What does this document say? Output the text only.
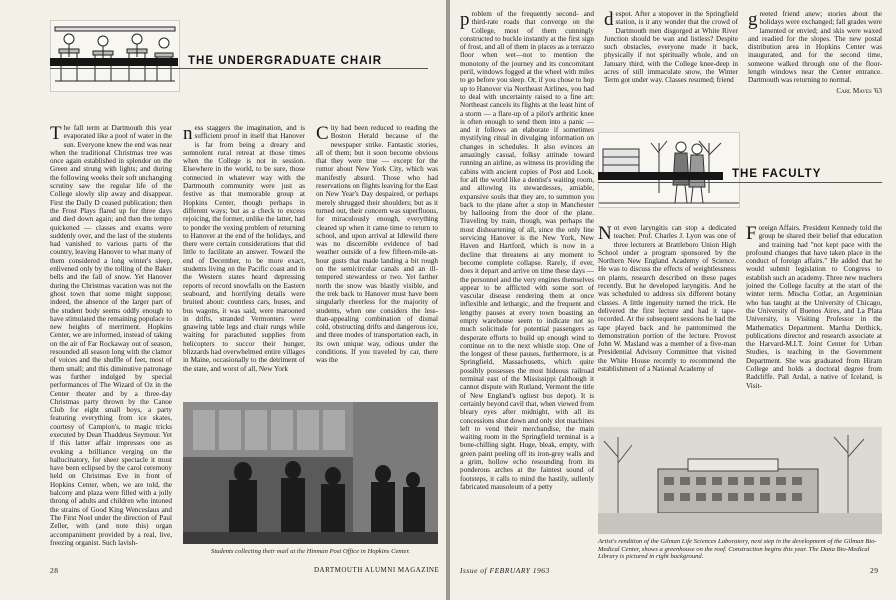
THE UNDERGRADUATE CHAIR

The fall term at Dartmouth this year evaporated like a pool of water in the sun. Everyone knew the end was near when the traditional Christmas tree was once again established in splendor on the Green and strung with lights; and during the following weeks their soft unchanging scrutiny saw the regular life of the College slowly slip away and disappear. First the Daily D ceased publication; then the Frost Plays flared up for three days and died down again; and then the tempo quickened — classes and exams were suddenly over, and the last of the students had vanished to various parts of the country, leaving Hanover to what many of them considered a long winter's sleep, enlivened only by the tolling of the Baker bells and the fall of snow. Yet Hanover during the Christmas vacation was not the ghost town that some might suppose; indeed, the absence of the larger part of the student body seems oddly enough to have stimulated the remaining populace to new heights of merriment. Hopkins Center, we are informed, instead of taking on the air of Far Rockaway out of season, resounded all season long with the clamor of voices and the shuffle of feet, most of them small; and this diminutive patronage was further indulged by special performances of The Wizard of Oz in the Center theater and by a three-day Christmas party thrown by the Canoe Club for eight small boys, a party featuring everything from ice skates, courtesy of Campion's, to magic tricks executed by Dean Thaddeus Seymour. Yet if this latter affair impresses one as evoking a brilliance verging on the hallucinatory, for sheer spectacle it must have been eclipsed by the carol ceremony held on Christmas Eve in front of Hopkins Center, when, we are told, the balcony and plaza were filled with a jolly throng of adults and children who intoned the strains of Good King Wenceslaus and The First Noel under the direction of Paul Zeller, with (and note this) organ accompaniment provided by a real, live, freezing organist. Such lavish-

ness staggers the imagination, and is sufficient proof in itself that Hanover is far from being a dreary and somnolent rural retreat at those times when the College is not in session. Elsewhere in the world, to be sure, those connected in whatever way with the Dartmouth community were just as festive as that memorable group at Hopkins Center, though perhaps in different ways; but as a check to excess rejoicing, the former, unlike the latter, had to ponder the vexing problem of returning to Hanover at the end of the holidays, and there were certain considerations that did little to facilitate an answer. Toward the end of December, to be more exact, students living on the Pacific coast and in the Western states heard depressing reports of record snowfalls on the Eastern seaboard, and horrifying details were bruited about: countless cars, buses, and bus wagons, it was said, were marooned in drifts, stranded Vermonters were gnawing table legs and chair rungs while waiting for parachuted supplies from helicopters to succor their hunger, blizzards had overwhelmed entire villages in Maine, occasionally to the detriment of the state, and worst of all, New York

City had been reduced to reading the Boston Herald because of the newspaper strike. Fantastic stories, all of them; but it soon become obvious that they were true — except for the rumor about New York City, which was manifestly absurd. Those who had reservations on flights leaving for the East on New Year's Day despaired, or perhaps merely shrugged their shoulders; but as it turned out, their concern was superfluous, for miraculously enough, everything cleared up when it came time to return to school, and upon arrival at Idlewild there was no discernible evidence of bad weather outside of a few fifteen-mile-an-hour gusts that made landing a bit rough on the semicircular canals and an ill-tempered stewardess or two. Yet farther north the snow was blastly visible, and the trek back to Hanover must have been singularly cheerless for the majority of students, when one considers the less-than-appealing combination of dismal cold, obstructing drifts and dangerous ice, and three modes of transportation each, in its own unique way, odious under the conditions. If you traveled by car, there was the

Students collecting their mail at the Hinman Post Office in Hopkins Center.
28	DARTMOUTH ALUMNI MAGAZINE

problem of the frequently second- and third-rate roads that converge on the College, most of them cunningly constructed to buckle instantly at the first sign of frost, and all of them in places as a terrazzo floor when wet—not to mention the monotony of the journey and its concomitant peril, windows fogged at the wheel with miles to go before you sleep. Or, if you chose to hop up to Hanover via Northeast Airlines, you had to deal with uncertainty raised to a fine art: Northeast cancels its flights at the least hint of a storm — a flare-up of a pilot's arthritic knee is often enough to send them into a panic — and it follows an elaborate if sometimes mystifying ritual in divulging information on changes in schedules. It also evinces an amazingly casual, folksy attitude toward running an airline, as witness its providing the cabins with ancient copies of Post and Look, for all the world like a dentist's waiting room, and allowing its stewardesses, amiable, expansive souls that they are, to summon you back to the plane after a stop in Manchester by hallooing from the door of the plane. Traveling by train, though, was perhaps the most disheartening of all, since the only line servicing Hanover is the New York, New Haven and Hartford, which is now in a decline that threatens at any moment to become complete collapse. Rarely, if ever, does it depart and arrive on time these days — the personnel and the very engines themselves appear to be afflicted with some sort of vascular disease rendering them at once inflexible and lethargic, and the frequent and lengthy pauses at every town boasting an empty warehouse seem to indicate not so much solicitude for potential passengers as desperate efforts to build up enough wind to continue on to the next whistle stop. One of the longest of these pauses, furthermore, is at Springfield, Massachusetts, which quite possibly possesses the most hideous railroad terminal east of the Mississippi (although it cannot dispute with Rutland, Vermont the title of New England's ugliest bus depot). It is certainly beyond cavil that, when viewed from bleary eyes after midnight, with all its concessions shut down and only slot machines left to vend their merchandise, the main waiting room in the Springfield terminal is a bone-chilling sight. Huge, bleak, empty, with green paint peeling off its iron-grey walls and a grim, hollow echo resounding from its ponderous arches at the faintest sound of footsteps, it calls to mind the hastily, sullenly fabricated mausoleum of a petty

despot. After a stopover in the Springfield station, is it any wonder that the crowd of Dartmouth men disgorged at White River Junction should be wan and listless? Despite such obstacles, everyone made it back, physically if not spiritually whole, and on January third, with the College knee-deep in acres of still immaculate snow, the Winter Term got under way. Classes resumed; friend

greeted friend anew; stories about the holidays were exchanged; fall grades were lamented or envied; and skis were waxed and readied for the slopes. The new postal distribution area in Hopkins Center was inaugurated, and for the second time, someone walked through one of the floor-length windows near the Center entrance. Dartmouth was returning to normal.

Carl Maves '63
THE FACULTY

Not even laryngitis can stop a dedicated teacher. Prof. Charles J. Lyon was one of three lecturers at Brattleboro Union High School under a program sponsored by the Northern New England Academy of Science. He was to discuss the effects of weightlessness on plants, research described on these pages recently. But he developed laryngitis. And he was scheduled to address six different botany classes. A little ingenuity turned the trick. He delivered the first lecture and had it tape-recorded. At the subsequent sessions he had the tape played back and he pantomimed the demonstration portion of the lecture. Provost John W. Masland was a member of a five-man Presidential Advisory Committee that visited the White House recently to recommend the establishment of a National Academy of

Foreign Affairs. President Kennedy told the group he shared their belief that education and training had "not kept pace with the profound changes that have taken place in the conduct of foreign affairs." He added that he would submit legislation to Congress to establish such an academy. Three new teachers joined the College faculty at the start of the winter term. Mischa Cotlar, an Argentinian who has taught at the University of Chicago, the University of Buenos Aires, and La Plata University, is Visiting Professor in the Mathematics Department. Martha Derthick, publications director and research associate at the Harvard-M.I.T. Joint Center for Urban Studies, is teaching in the Government Department. She was graduated from Hiram College and holds a doctoral degree from Radcliffe. Pall Ardal, a native of Iceland, is Visit-

Artist's rendition of the Gilman Life Sciences Laboratory, next step in the development of the Gilman Bio-Medical Center, shows a greenhouse on the roof. Construction begins this year. The Dana Bio-Medical Library is pictured in right background.
Issue of FEBRUARY 1963	29
